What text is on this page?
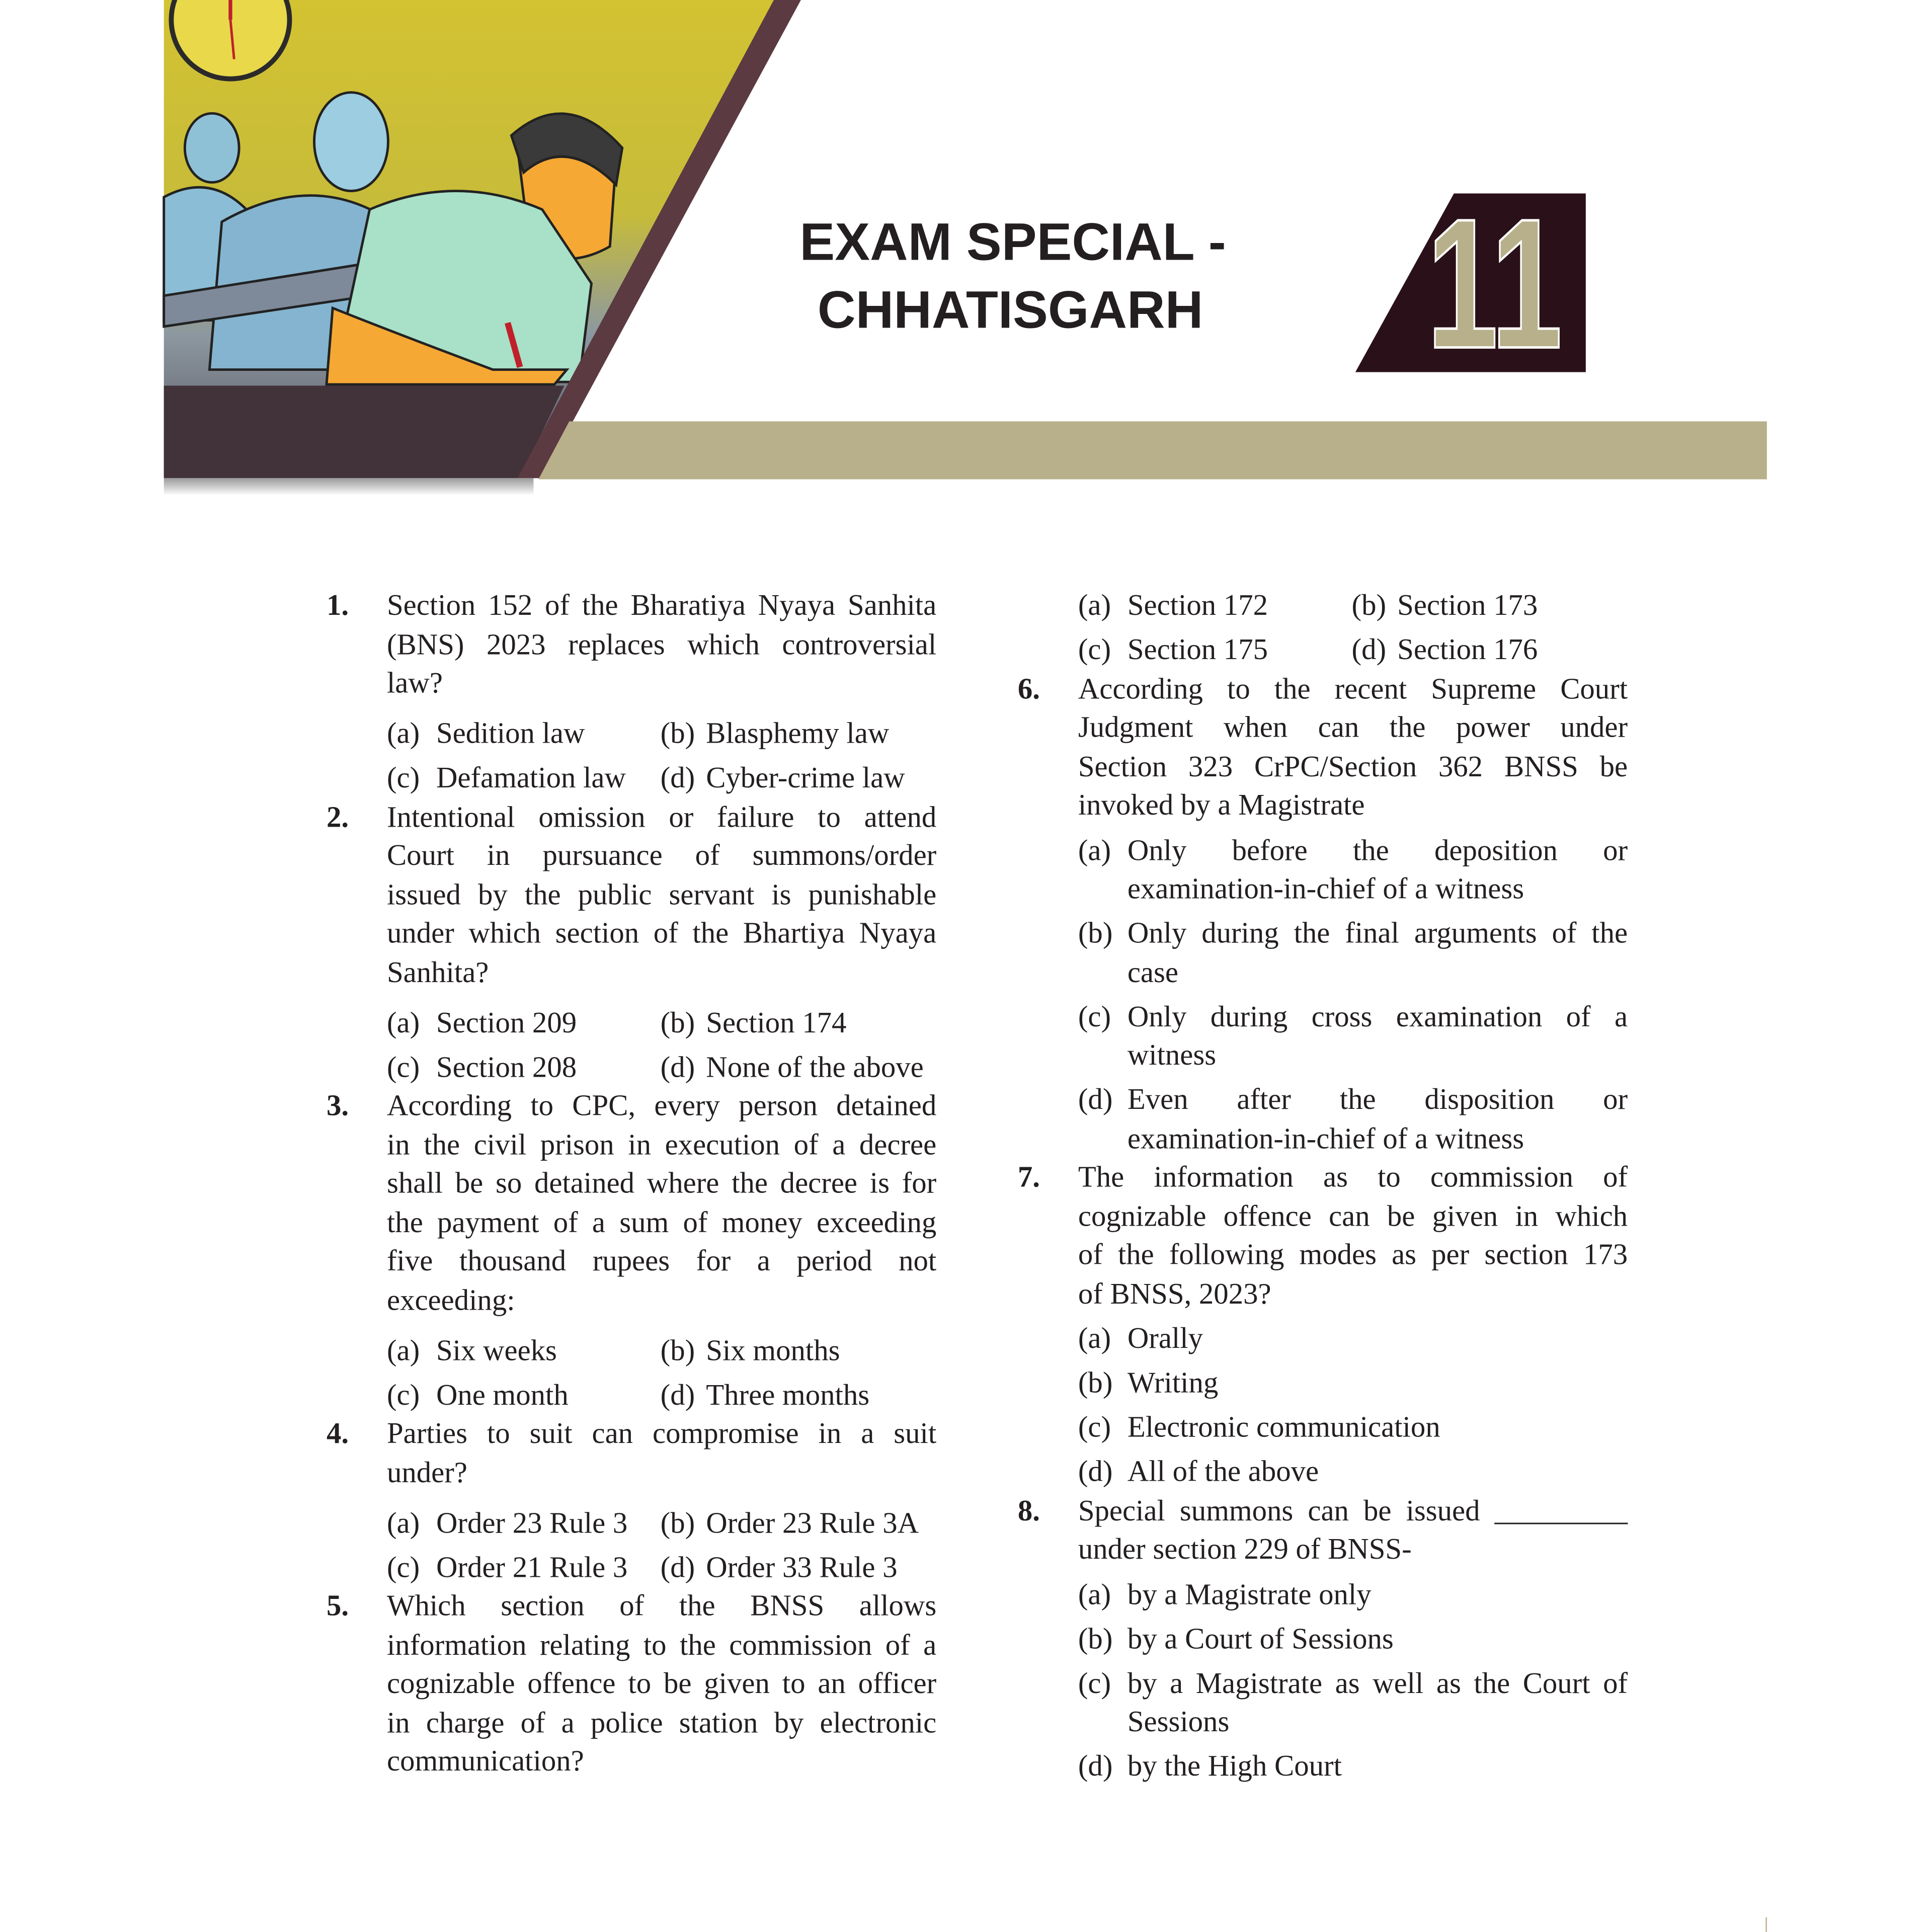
EXAM SPECIAL -
CHHATISGARH	11
1.	Section 152 of the Bharatiya Nyaya Sanhita
(BNS) 2023 replaces which controversial
law?
(a) Sedition law	(b) Blasphemy law
(c) Defamation law	(d) Cyber-crime law
2.	Intentional omission or failure to attend
Court in pursuance of summons/order
issued by the public servant is punishable
under which section of the Bhartiya Nyaya
Sanhita?
(a) Section 209	(b) Section 174
(c) Section 208	(d) None of the above
3.	According to CPC, every person detained
in the civil prison in execution of a decree
shall be so detained where the decree is for
the payment of a sum of money exceeding
five thousand rupees for a period not
exceeding:
(a) Six weeks	(b) Six months
(c) One month	(d) Three months
4.	Parties to suit can compromise in a suit
under?
(a) Order 23 Rule 3	(b) Order 23 Rule 3A
(c) Order 21 Rule 3	(d) Order 33 Rule 3
5.	Which section of the BNSS allows
information relating to the commission of a
cognizable offence to be given to an officer
in charge of a police station by electronic
communication?
(a) Section 172	(b) Section 173
(c) Section 175	(d) Section 176
6.	According to the recent Supreme Court
Judgment when can the power under
Section 323 CrPC/Section 362 BNSS be
invoked by a Magistrate
(a) Only before the deposition or
examination-in-chief of a witness
(b) Only during the final arguments of the
case
(c) Only during cross examination of a
witness
(d) Even after the disposition or
examination-in-chief of a witness
7.	The information as to commission of
cognizable offence can be given in which
of the following modes as per section 173
of BNSS, 2023?
(a) Orally
(b) Writing
(c) Electronic communication
(d) All of the above
8.	Special summons can be issued _________
under section 229 of BNSS-
(a) by a Magistrate only
(b) by a Court of Sessions
(c) by a Magistrate as well as the Court of
Sessions
(d) by the High Court
